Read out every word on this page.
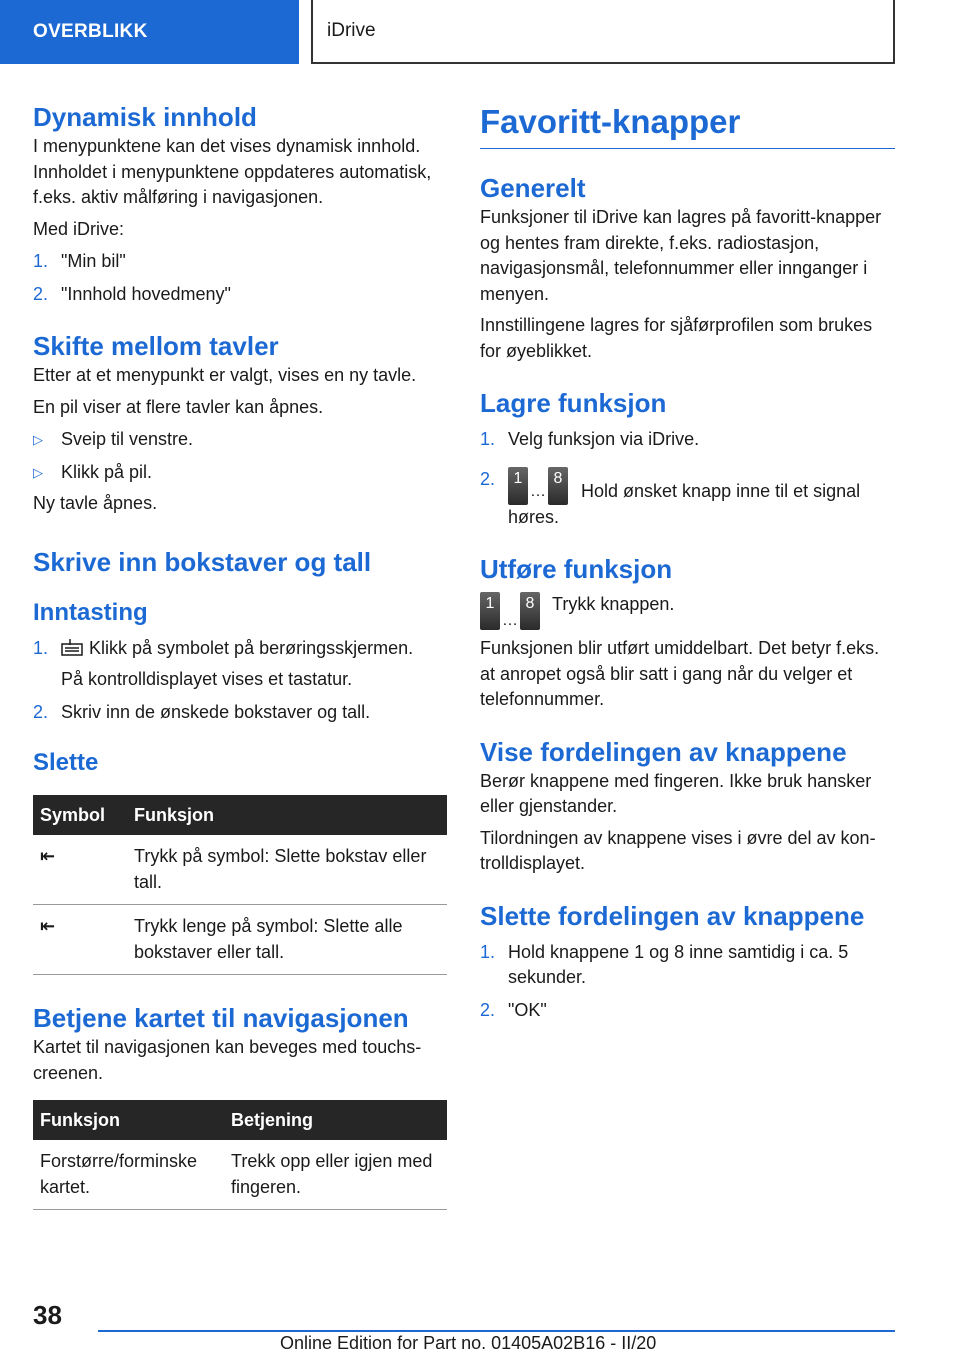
OVERBLIKK	iDrive
Dynamisk innhold

I menypunktene kan det vises dynamisk innhold. Innholdet i menypunktene oppdateres automatisk, f.eks. aktiv målføring i navigasjonen.

Med iDrive:

1. "Min bil"
2. "Innhold hovedmeny"
Skifte mellom tavler

Etter at et menypunkt er valgt, vises en ny tavle.

En pil viser at flere tavler kan åpnes.

▷	Sveip til venstre.
▷	Klikk på pil.

Ny tavle åpnes.

Skrive inn bokstaver og tall
Inntasting
1.	Klikk på symbolet på berøringsskjermen.
På kontrolldisplayet vises et tastatur.
2. Skriv inn de ønskede bokstaver og tall.
Slette
Symbol	Funksjon
⇤	Trykk på symbol: Slette bokstav eller tall.
⇤	Trykk lenge på symbol: Slette alle bokstaver eller tall.
Betjene kartet til navigasjonen

Kartet til navigasjonen kan beveges med touchscreenen.

Funksjon	Betjening
Forstørre/forminske kartet.	Trekk opp eller igjen med fingeren.
Favoritt-knapper
Generelt

Funksjoner til iDrive kan lagres på favoritt-knapper og hentes fram direkte, f.eks. radiostasjon, navigasjonsmål, telefonnummer eller innganger i menyen.

Innstillingene lagres for sjåførprofilen som brukes for øyeblikket.

Lagre funksjon
1. Velg funksjon via iDrive.
2.	1…8 Hold ønsket knapp inne til et signal høres.
Utføre funksjon
1…8 Trykk knappen.

Funksjonen blir utført umiddelbart. Det betyr f.eks. at anropet også blir satt i gang når du velger et telefonnummer.

Vise fordelingen av knappene

Berør knappene med fingeren. Ikke bruk hansker eller gjenstander.

Tilordningen av knappene vises i øvre del av kontrolldisplayet.

Slette fordelingen av knappene
1. Hold knappene 1 og 8 inne samtidig i ca. 5 sekunder.
2. "OK"
38
Online Edition for Part no. 01405A02B16 - II/20
